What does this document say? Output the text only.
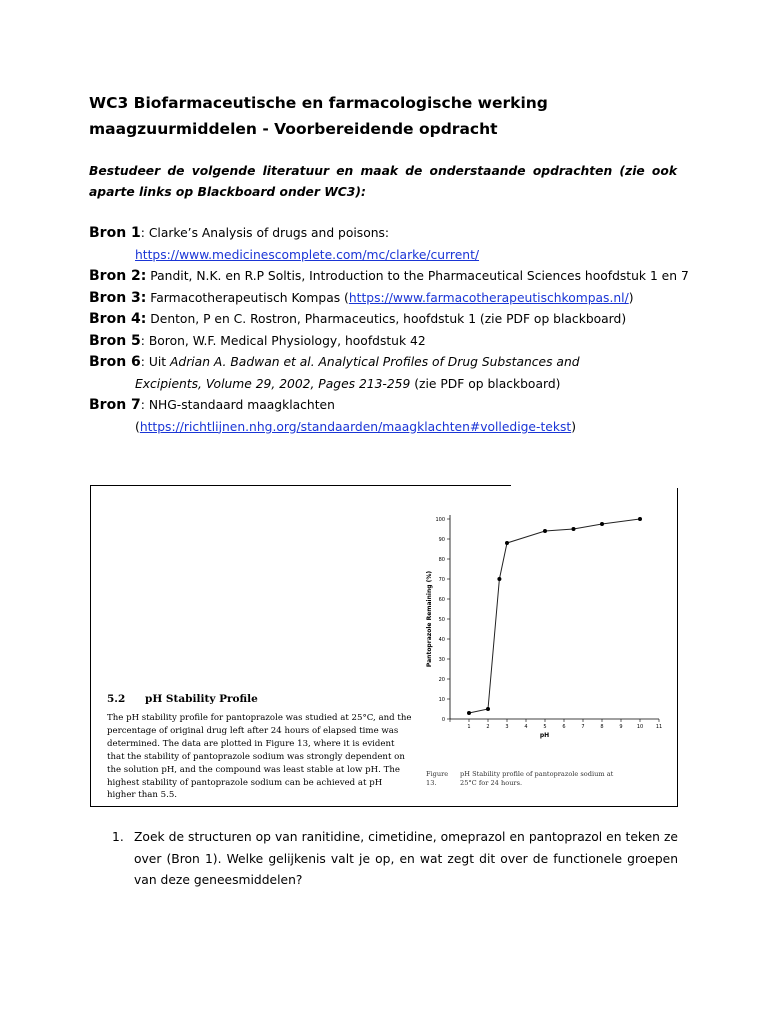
WC3 Biofarmaceutische en farmacologische werking maagzuurmiddelen - Voorbereidende opdracht

Bestudeer de volgende literatuur en maak de onderstaande opdrachten (zie ook aparte links op Blackboard onder WC3):

Bron 1: Clarke’s Analysis of drugs and poisons:
https://www.medicinescomplete.com/mc/clarke/current/
Bron 2: Pandit, N.K. en R.P Soltis, Introduction to the Pharmaceutical Sciences hoofdstuk 1 en 7
Bron 3: Farmacotherapeutisch Kompas (https://www.farmacotherapeutischkompas.nl/)
Bron 4: Denton, P en C. Rostron, Pharmaceutics, hoofdstuk 1 (zie PDF op blackboard)
Bron 5: Boron, W.F. Medical Physiology, hoofdstuk 42
Bron 6: Uit Adrian A. Badwan et al. Analytical Profiles of Drug Substances and
Excipients, Volume 29, 2002, Pages 213-259 (zie PDF op blackboard)
Bron 7: NHG-standaard maagklachten
(https://richtlijnen.nhg.org/standaarden/maagklachten#volledige-tekst)
5.2 pH Stability Profile

The pH stability profile for pantoprazole was studied at 25°C, and the percentage of original drug left after 24 hours of elapsed time was determined. The data are plotted in Figure 13, where it is evident that the stability of pantoprazole sodium was strongly dependent on the solution pH, and the compound was least stable at low pH. The highest stability of pantoprazole sodium can be achieved at pH higher than 5.5.

0
10
20
30
40
50
60
70
80
90
100
1	2	3	4	5	6	7	8	9	10	11
Pantoprazole Remaining (%)
pH
Figure 13.pH Stability profile of pantoprazole sodium at 25°C for 24 hours.
1. Zoek de structuren op van ranitidine, cimetidine, omeprazol en pantoprazol en teken ze over (Bron 1). Welke gelijkenis valt je op, en wat zegt dit over de functionele groepen van deze geneesmiddelen?
